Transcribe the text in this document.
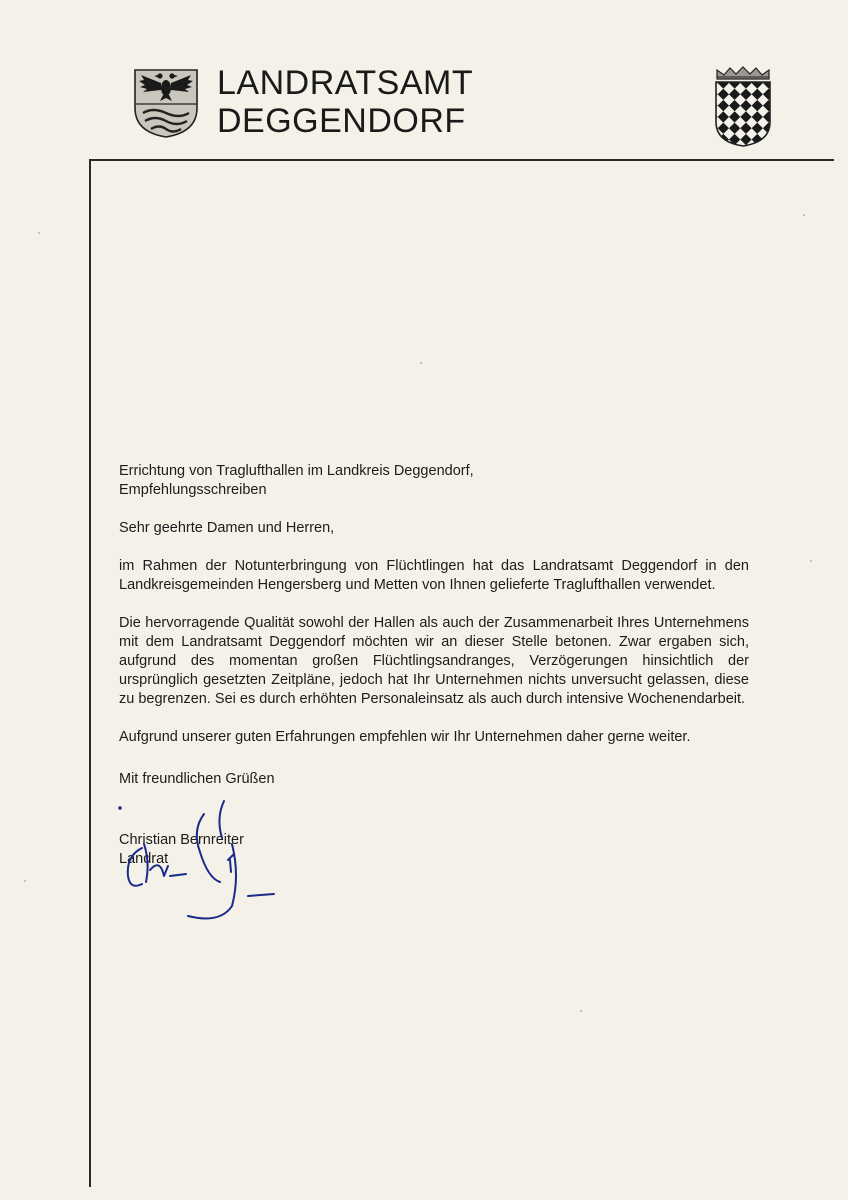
LANDRATSAMT
DEGGENDORF
Errichtung von Traglufthallen im Landkreis Deggendorf,
Empfehlungsschreiben

Sehr geehrte Damen und Herren,

im Rahmen der Notunterbringung von Flüchtlingen hat das Landratsamt Deggendorf in den Landkreisgemeinden Hengersberg und Metten von Ihnen gelieferte Traglufthallen verwendet.

Die hervorragende Qualität sowohl der Hallen als auch der Zusammenarbeit Ihres Unternehmens mit dem Landratsamt Deggendorf möchten wir an dieser Stelle betonen. Zwar ergaben sich, aufgrund des momentan großen Flüchtlingsandranges, Verzögerungen hinsichtlich der ursprünglich gesetzten Zeitpläne, jedoch hat Ihr Unternehmen nichts unversucht gelassen, diese zu begrenzen. Sei es durch erhöhten Personaleinsatz als auch durch intensive Wochenendarbeit.

Aufgrund unserer guten Erfahrungen empfehlen wir Ihr Unternehmen daher gerne weiter.

Mit freundlichen Grüßen

Christian Bernreiter
Landrat
